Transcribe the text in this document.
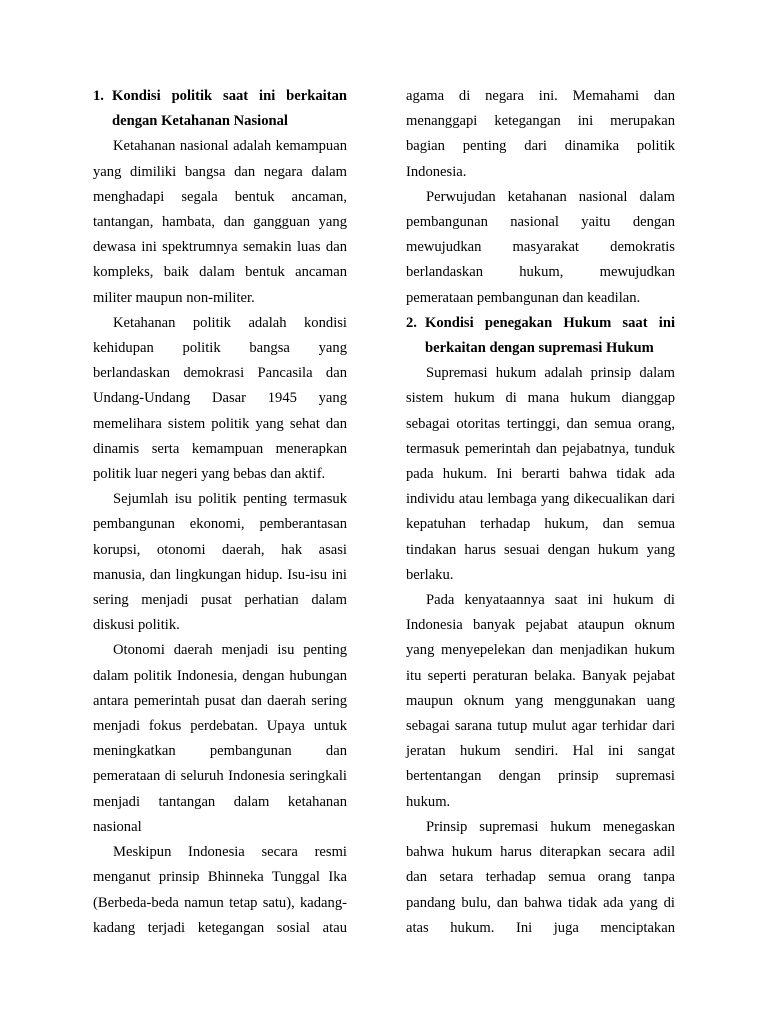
1. Kondisi politik saat ini berkaitan
dengan Ketahanan Nasional

Ketahanan nasional adalah kemampuan yang dimiliki bangsa dan negara dalam menghadapi segala bentuk ancaman, tantangan, hambata, dan gangguan yang dewasa ini spektrumnya semakin luas dan kompleks, baik dalam bentuk ancaman militer maupun non-militer.

Ketahanan politik adalah kondisi kehidupan politik bangsa yang berlandaskan demokrasi Pancasila dan Undang-Undang Dasar 1945 yang memelihara sistem politik yang sehat dan dinamis serta kemampuan menerapkan politik luar negeri yang bebas dan aktif.

Sejumlah isu politik penting termasuk pembangunan ekonomi, pemberantasan korupsi, otonomi daerah, hak asasi manusia, dan lingkungan hidup. Isu-isu ini sering menjadi pusat perhatian dalam diskusi politik.

Otonomi daerah menjadi isu penting dalam politik Indonesia, dengan hubungan antara pemerintah pusat dan daerah sering menjadi fokus perdebatan. Upaya untuk meningkatkan pembangunan dan pemerataan di seluruh Indonesia seringkali menjadi tantangan dalam ketahanan nasional

Meskipun Indonesia secara resmi menganut prinsip Bhinneka Tunggal Ika (Berbeda-beda namun tetap satu), kadang-kadang terjadi ketegangan sosial atau

agama di negara ini. Memahami dan menanggapi ketegangan ini merupakan bagian penting dari dinamika politik Indonesia.

Perwujudan ketahanan nasional dalam pembangunan nasional yaitu dengan mewujudkan masyarakat demokratis berlandaskan hukum, mewujudkan pemerataan pembangunan dan keadilan.

2. Kondisi penegakan Hukum saat ini
berkaitan dengan supremasi Hukum

Supremasi hukum adalah prinsip dalam sistem hukum di mana hukum dianggap sebagai otoritas tertinggi, dan semua orang, termasuk pemerintah dan pejabatnya, tunduk pada hukum. Ini berarti bahwa tidak ada individu atau lembaga yang dikecualikan dari kepatuhan terhadap hukum, dan semua tindakan harus sesuai dengan hukum yang berlaku.

Pada kenyataannya saat ini hukum di Indonesia banyak pejabat ataupun oknum yang menyepelekan dan menjadikan hukum itu seperti peraturan belaka. Banyak pejabat maupun oknum yang menggunakan uang sebagai sarana tutup mulut agar terhidar dari jeratan hukum sendiri. Hal ini sangat bertentangan dengan prinsip supremasi hukum.

Prinsip supremasi hukum menegaskan bahwa hukum harus diterapkan secara adil dan setara terhadap semua orang tanpa pandang bulu, dan bahwa tidak ada yang di atas hukum. Ini juga menciptakan
